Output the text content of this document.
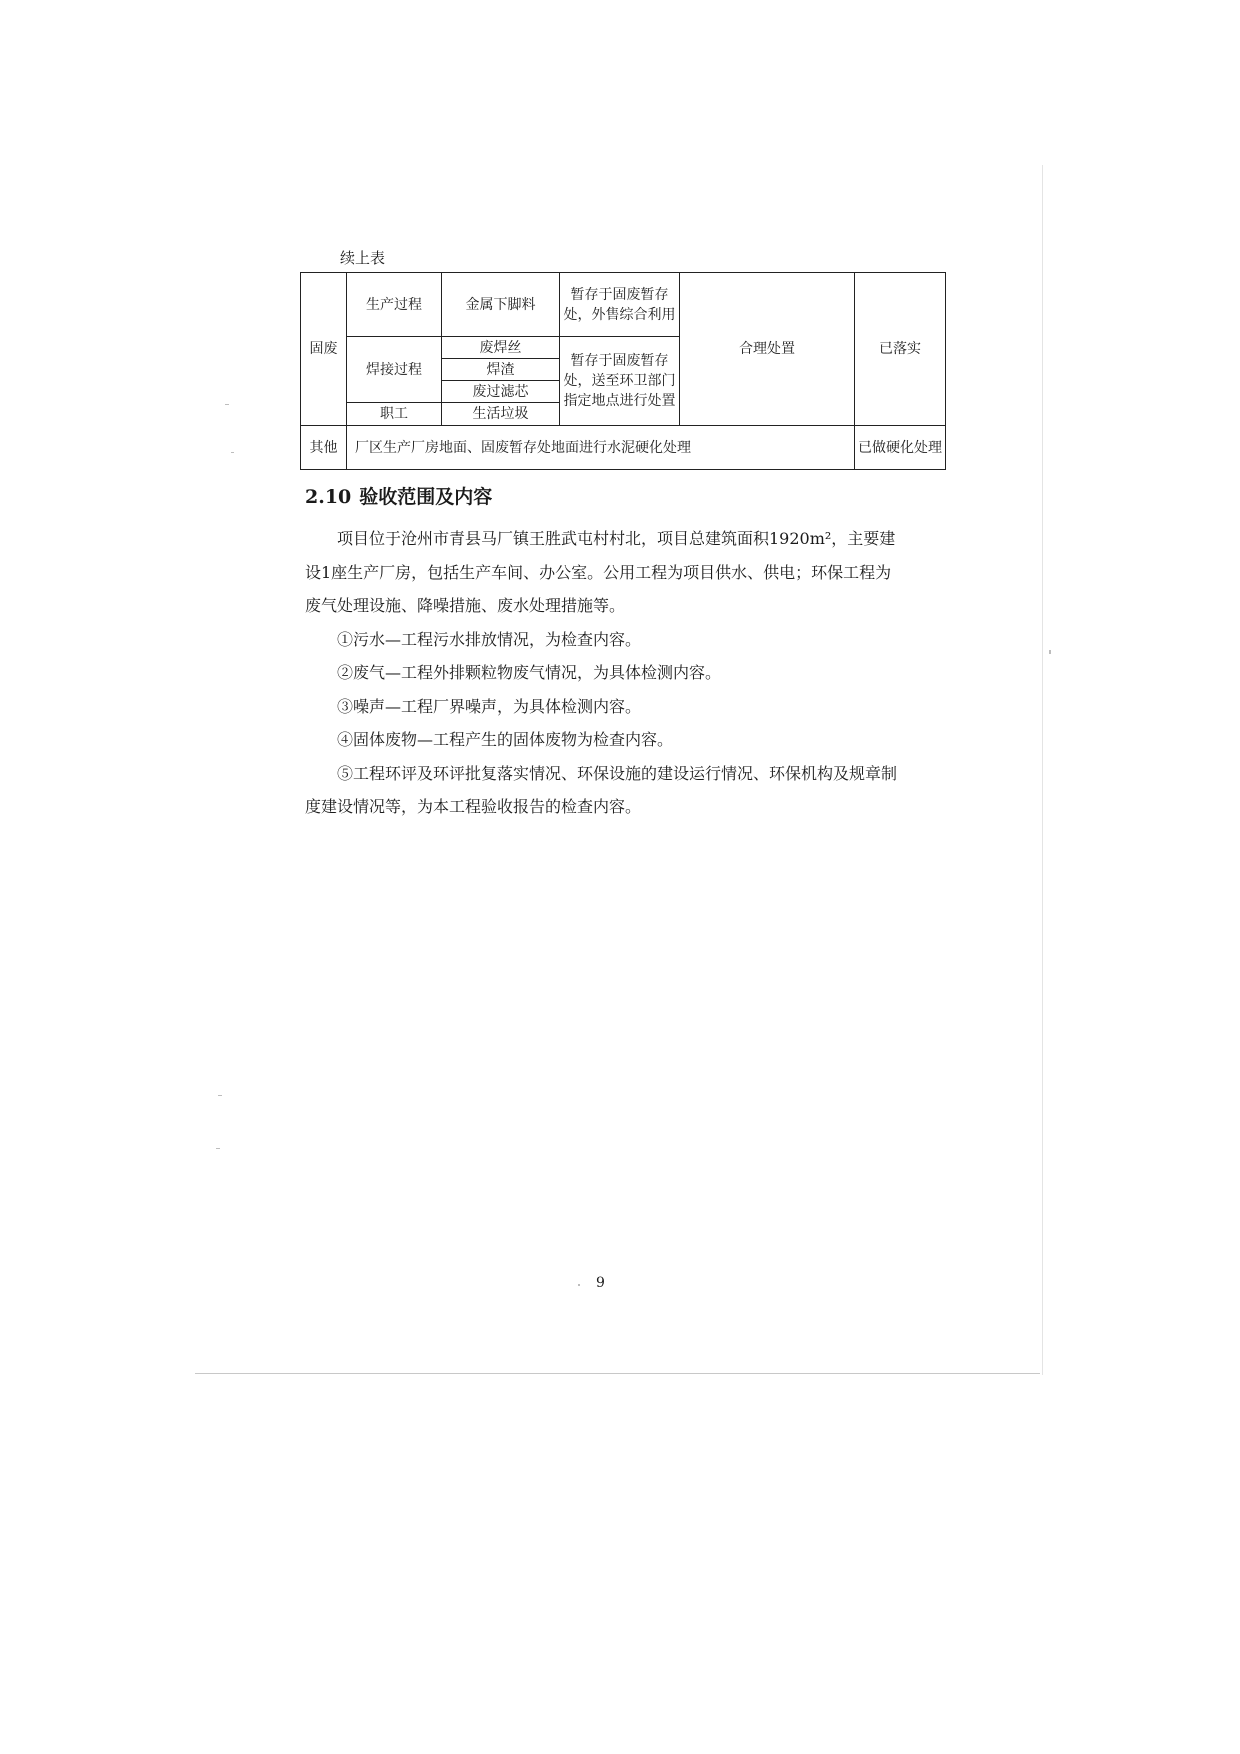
续上表
固废	生产过程	金属下脚料	暂存于固废暂存处，外售综合利用	合理处置	已落实
	焊接过程	废焊丝	暂存于固废暂存处，送至环卫部门指定地点进行处置		
		焊渣			
		废过滤芯			
	职工	生活垃圾			
其他	厂区生产厂房地面、固废暂存处地面进行水泥硬化处理				已做硬化处理
2.10 验收范围及内容

项目位于沧州市青县马厂镇王胜武屯村村北，项目总建筑面积1920m²，主要建设1座生产厂房，包括生产车间、办公室。公用工程为项目供水、供电；环保工程为废气处理设施、降噪措施、废水处理措施等。

①污水—工程污水排放情况，为检查内容。

②废气—工程外排颗粒物废气情况，为具体检测内容。

③噪声—工程厂界噪声，为具体检测内容。

④固体废物—工程产生的固体废物为检查内容。

⑤工程环评及环评批复落实情况、环保设施的建设运行情况、环保机构及规章制度建设情况等，为本工程验收报告的检查内容。

9
